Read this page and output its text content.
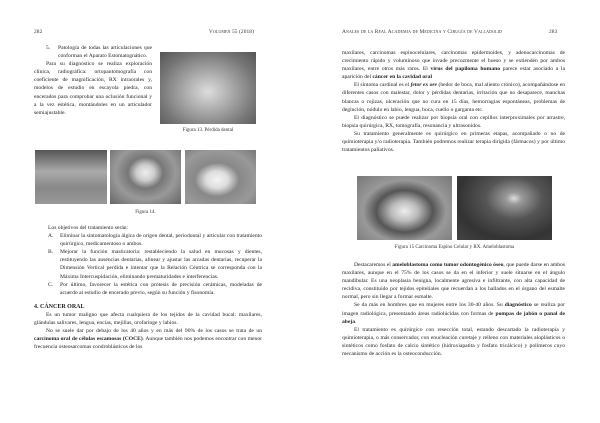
282	Volumen 55 (2018)
5.	Patología de todas las articulaciones que conforman el Aparato Estomatognático.

Para su diagnóstico se realiza exploración clínica, radiográfica: ortopantomografía con coeficiente de magnificación, RX intraorales y, modelos de estudio en escayola piedra, con encerados para comprobar una oclusión funcional y a la vez estética, montándoles en un articulador semiajustable.

Figura 13. Pérdida dental
Figura 14.

Los objetivos del tratamiento serán:

A.	Eliminar la sintomatología álgica de origen dental, periodontal y articular con tratamiento quirúrgico, medicamentoso o ambos.
B.	Mejorar la función masticatoria: restableciendo la salud en mucosas y dientes, restituyendo las ausencias dentarias, alinear y ajustar las arcadas dentarias, recuperar la Dimensión Vertical perdida e intentar que la Relación Céntrica se corresponda con la Máxima Intercuspidación, eliminando prematuridades e interferencias.
C.	Por último, favorecer la estética con prótesis de precisión cerámicas, modeladas de acuerdo al estudio de encerado previo, según su función y fisonomía.
4. CÁNCER ORAL

Es un tumor maligno que afecta cualquiera de los tejidos de la cavidad bucal: maxilares, glándulas salivares, lengua, encías, mejillas, orofaringe y labios.

No se suele dar por debajo de los 40 años y en más del 90% de los casos se trata de un carcinoma oral de células escamosas (COCE). Aunque también nos podemos encontrar con menor frecuencia osteosarcomas condroblásticos de los

Anales de la Real Academia de Medicina y Cirugía de Valladolid	283

maxilares, carcinomas espinocelulares, carcinomas epidermoides, y adenocarcinomas de crecimiento rápido y voluminoso que invade precozmente el hueso y se extienden por ambos maxilares, entre otros más raros. El virus del papiloma humano parece estar asociado a la aparición del cáncer en la cavidad oral

El síntoma cardinal es el fetor ex ore (hedor de boca, mal aliento crónico), acompañándose en diferentes casos con malestar, dolor y pérdidas dentarias, irritación que no desaparece, manchas blancas o rojizas, ulceración que no cura en 15 días, hemorragias espontáneas, problemas de deglución, nódulo en labio, lengua, boca, cuello o garganta etc.

El diagnóstico se puede realizar por biopsia oral con cepillos interproximales por arrastre, biopsia quirúrgica, RX, tomografía, resonancia y ultrasonidos.

Su tratamiento generalmente es quirúrgico en primeras etapas, acompañado o no de quimioterapia y/o radioterapia. También podremos realizar terapia dirigida (fármacos) y por último tratamientos paliativos.

Figura 15 Carcinoma Espino Celular y RX. Ameloblastoma

Destacaremos el ameloblastoma como tumor odontogénico óseo, que puede darse en ambos maxilares, aunque en el 75% de los casos se da en el inferior y suele situarse en el ángulo mandibular. Es una neoplasia benigna, localmente agresiva e infiltrante, con alta capacidad de recidiva, constituido por tejidos epiteliales que recuerdan a los hallados en el órgano del esmalte normal, pero sin llegar a formar esmalte.

Se da más en hombres que en mujeres entre los 30-40 años. Su diagnóstico se realiza por imagen radiológica, presentando áreas radiolúcidas con formas de pompas de jabón o panal de abeja.

El tratamiento es quirúrgico con resección total, estando descartado la radioterapia y quimioterapia, o más conservador, con enucleación curetaje y relleno con materiales aloplásticos o sintéticos como fosfato de calcio sintético (hidroxiapatita y fosfato tricálcico) y polímeros cuyo mecanismo de acción es la osteoconducción.
